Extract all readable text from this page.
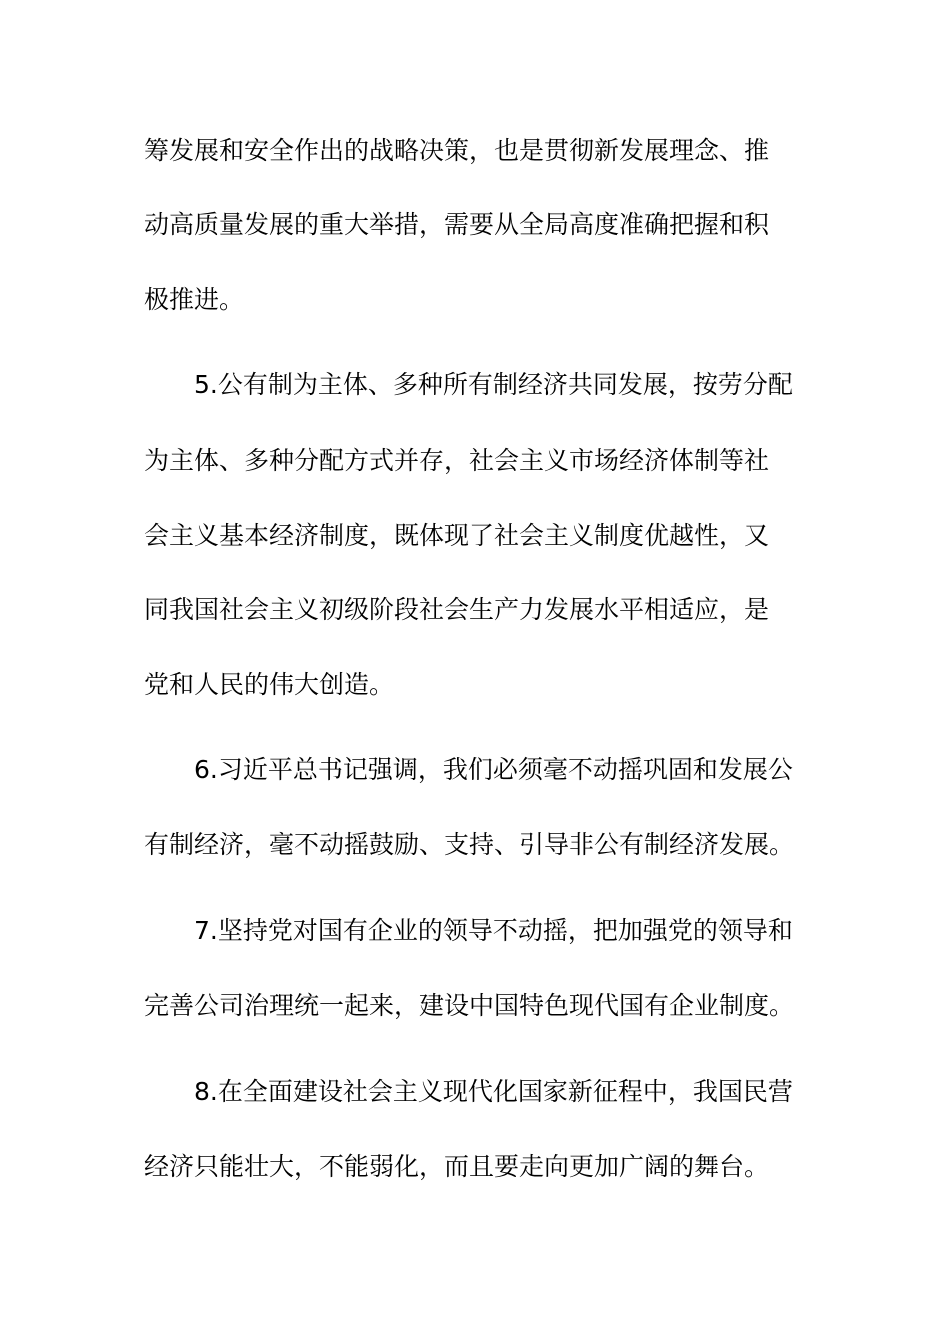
筹发展和安全作出的战略决策，也是贯彻新发展理念、推
动高质量发展的重大举措，需要从全局高度准确把握和积
极推进。
5.公有制为主体、多种所有制经济共同发展，按劳分配
为主体、多种分配方式并存，社会主义市场经济体制等社
会主义基本经济制度，既体现了社会主义制度优越性，又
同我国社会主义初级阶段社会生产力发展水平相适应，是
党和人民的伟大创造。
6.习近平总书记强调，我们必须毫不动摇巩固和发展公
有制经济，毫不动摇鼓励、支持、引导非公有制经济发展。
7.坚持党对国有企业的领导不动摇，把加强党的领导和
完善公司治理统一起来，建设中国特色现代国有企业制度。
8.在全面建设社会主义现代化国家新征程中，我国民营
经济只能壮大，不能弱化，而且要走向更加广阔的舞台。
